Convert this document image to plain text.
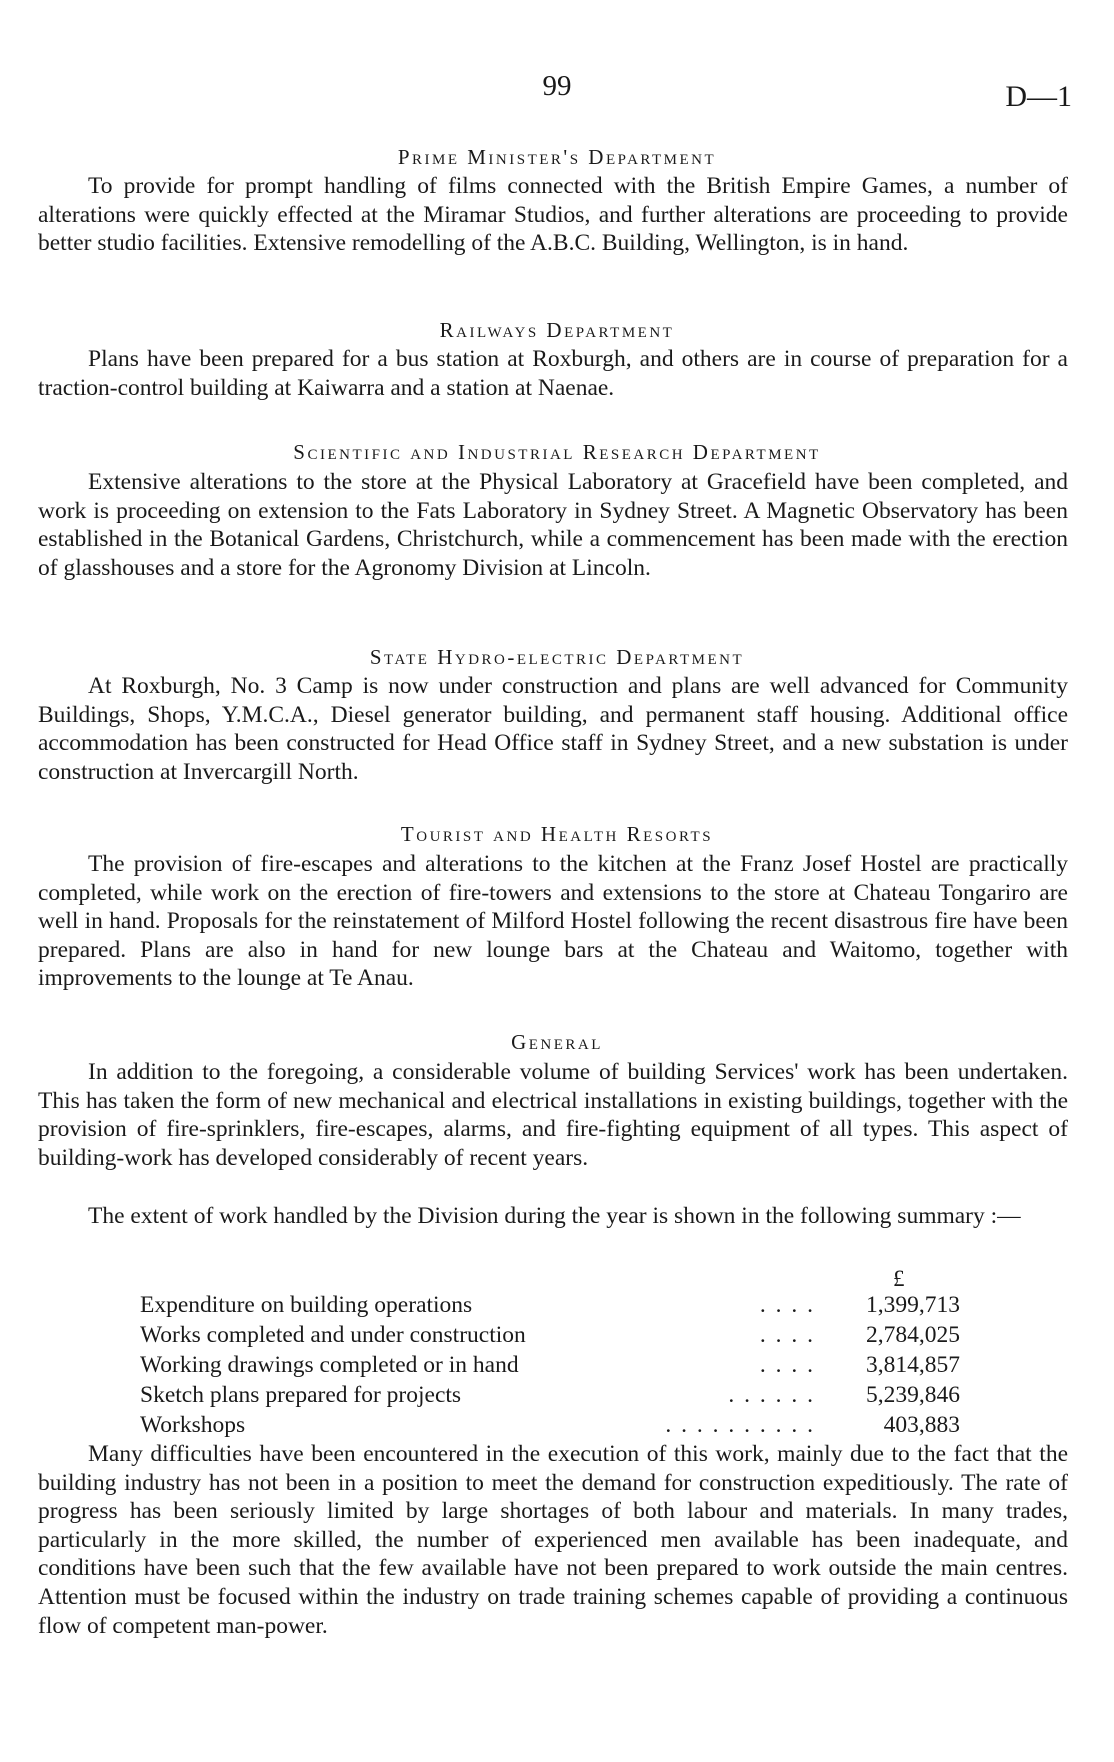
99	D—1
Prime Minister's Department

To provide for prompt handling of films connected with the British Empire Games, a number of alterations were quickly effected at the Miramar Studios, and further alterations are proceeding to provide better studio facilities. Extensive remodelling of the A.B.C. Building, Wellington, is in hand.

Railways Department

Plans have been prepared for a bus station at Roxburgh, and others are in course of preparation for a traction-control building at Kaiwarra and a station at Naenae.

Scientific and Industrial Research Department

Extensive alterations to the store at the Physical Laboratory at Gracefield have been completed, and work is proceeding on extension to the Fats Laboratory in Sydney Street. A Magnetic Observatory has been established in the Botanical Gardens, Christchurch, while a commencement has been made with the erection of glasshouses and a store for the Agronomy Division at Lincoln.

State Hydro-electric Department

At Roxburgh, No. 3 Camp is now under construction and plans are well advanced for Community Buildings, Shops, Y.M.C.A., Diesel generator building, and permanent staff housing. Additional office accommodation has been constructed for Head Office staff in Sydney Street, and a new substation is under construction at Invercargill North.

Tourist and Health Resorts

The provision of fire-escapes and alterations to the kitchen at the Franz Josef Hostel are practically completed, while work on the erection of fire-towers and extensions to the store at Chateau Tongariro are well in hand. Proposals for the reinstatement of Milford Hostel following the recent disastrous fire have been prepared. Plans are also in hand for new lounge bars at the Chateau and Waitomo, together with improvements to the lounge at Te Anau.

General

In addition to the foregoing, a considerable volume of building Services' work has been undertaken. This has taken the form of new mechanical and electrical installations in existing buildings, together with the provision of fire-sprinklers, fire-escapes, alarms, and fire-fighting equipment of all types. This aspect of building-work has developed considerably of recent years.

The extent of work handled by the Division during the year is shown in the following summary :—

£
Expenditure on building operations	. . . . 1,399,713
Works completed and under construction	. . . . 2,784,025
Working drawings completed or in hand	. . . . 3,814,857
Sketch plans prepared for projects	. . . . . . 5,239,846
Workshops	. . . . . . . . . .	403,883

Many difficulties have been encountered in the execution of this work, mainly due to the fact that the building industry has not been in a position to meet the demand for construction expeditiously. The rate of progress has been seriously limited by large shortages of both labour and materials. In many trades, particularly in the more skilled, the number of experienced men available has been inadequate, and conditions have been such that the few available have not been prepared to work outside the main centres. Attention must be focused within the industry on trade training schemes capable of providing a continuous flow of competent man-power.
